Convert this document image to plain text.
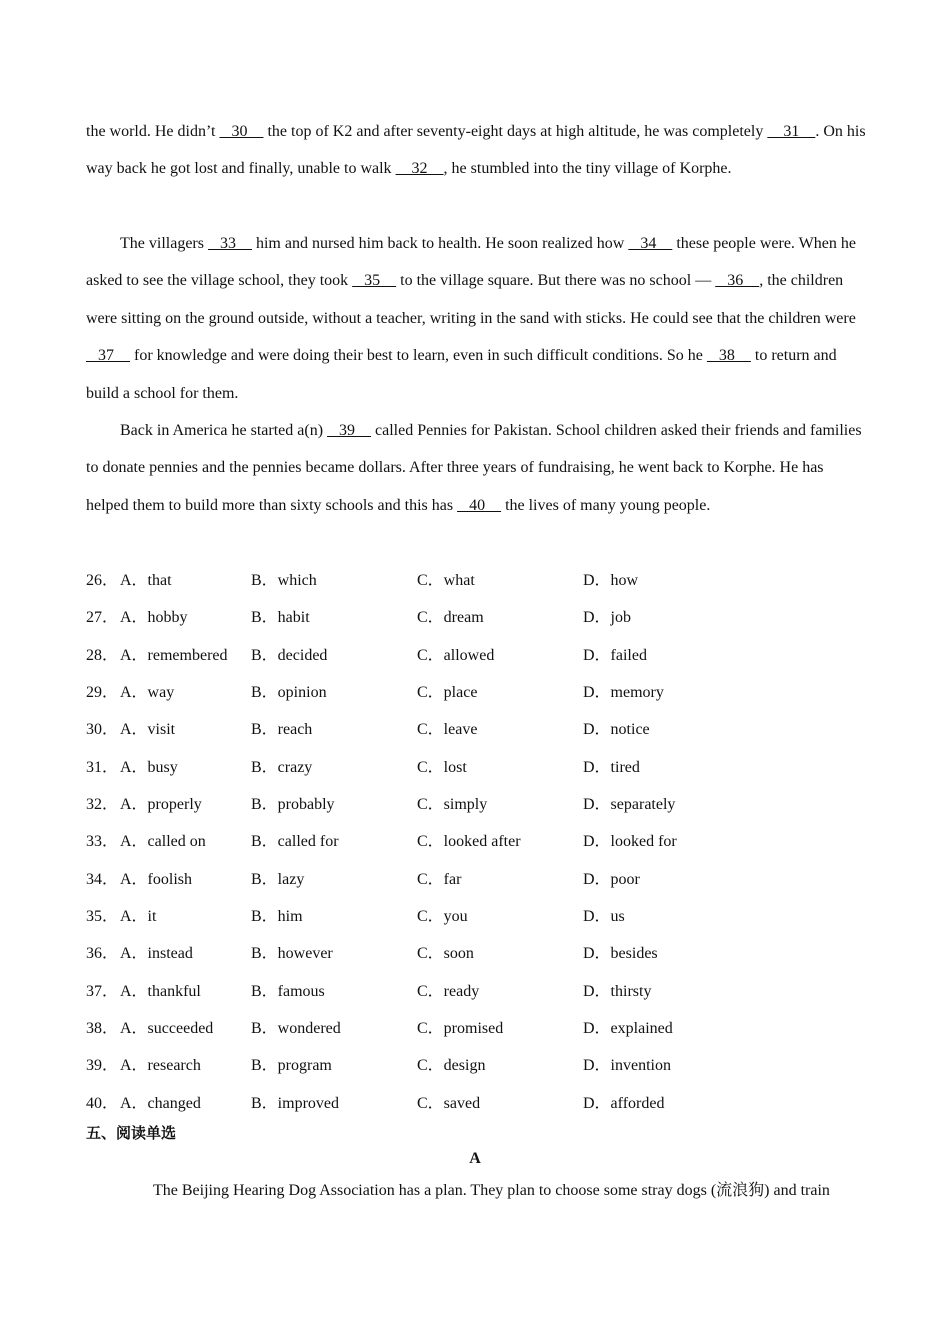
the world. He didn’t    30     the top of K2 and after seventy-eight days at high altitude, he was completely     31    . On his way back he got lost and finally, unable to walk     32    , he stumbled into the tiny village of Korphe.

The villagers    33     him and nursed him back to health. He soon realized how    34     these people were. When he asked to see the village school, they took    35     to the village square. But there was no school —    36    , the children were sitting on the ground outside, without a teacher, writing in the sand with sticks. He could see that the children were    37     for knowledge and were doing their best to learn, even in such difficult conditions. So he    38     to return and build a school for them.

Back in America he started a(n)    39     called Pennies for Pakistan. School children asked their friends and families to donate pennies and the pennies became dollars. After three years of fundraising, he went back to Korphe. He has helped them to build more than sixty schools and this has    40     the lives of many young people.

26． A．that	B．which	C．what	D．how
27． A．hobby	B．habit	C．dream	D．job
28． A．remembered B．decided	C．allowed	D．failed
29． A．way	B．opinion	C．place	D．memory
30． A．visit	B．reach	C．leave	D．notice
31． A．busy	B．crazy	C．lost	D．tired
32． A．properly	B．probably	C．simply	D．separately
33． A．called on	B．called for	C．looked after	D．looked for
34． A．foolish	B．lazy	C．far	D．poor
35． A．it	B．him	C．you	D．us
36． A．instead	B．however	C．soon	D．besides
37． A．thankful	B．famous	C．ready	D．thirsty
38． A．succeeded B．wondered	C．promised	D．explained
39． A．research	B．program	C．design	D．invention
40． A．changed	B．improved	C．saved	D．afforded
五、阅读单选
A
The Beijing Hearing Dog Association has a plan. They plan to choose some stray dogs (流浪狗) and train
